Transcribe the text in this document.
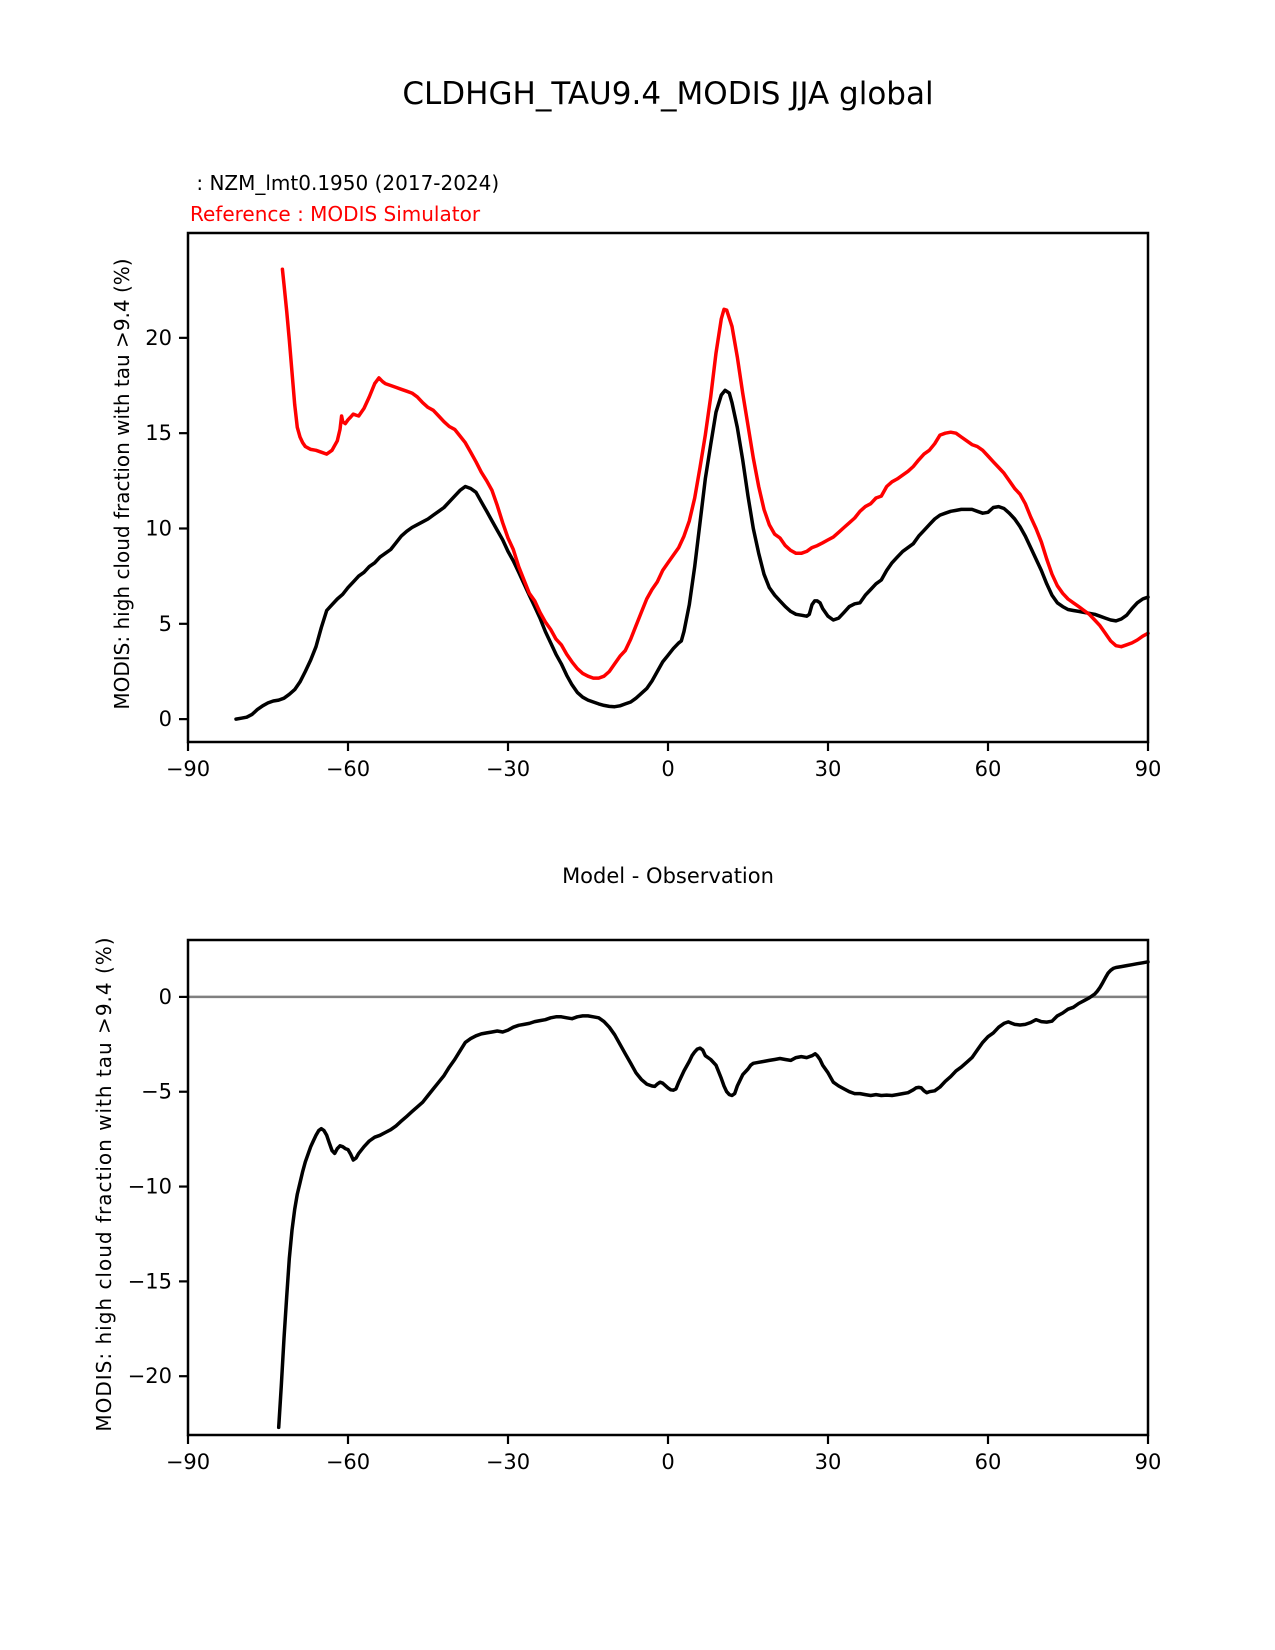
CLDHGH_TAU9.4_MODIS JJA global
: NZM_lmt0.1950 (2017-2024)
Reference : MODIS Simulator
MODIS: high cloud fraction with tau >9.4 (%)
Model - Observation
MODIS: high cloud fraction with tau >9.4 (%)
−90	−60	−30	0	30	60	90
0
5
10
15
20
−90	−60	−30	0	30	60	90
0
−5
−10
−15
−20
